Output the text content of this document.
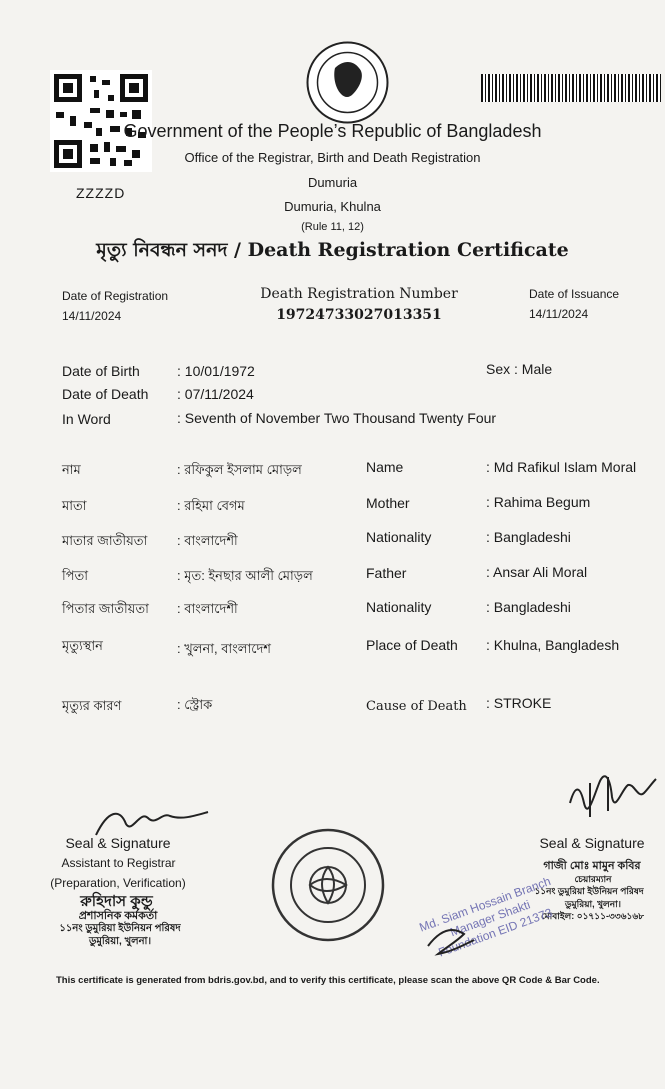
ZZZZD
Government of the People’s Republic of Bangladesh
Office of the Registrar, Birth and Death Registration
Dumuria
Dumuria, Khulna
(Rule 11, 12)
মৃত্যু নিবন্ধন সনদ / Death Registration Certificate
Date of Registration
14/11/2024
Death Registration Number
19724733027013351
Date of Issuance
14/11/2024
Date of Birth	: 10/01/1972	Sex : Male
Date of Death : 07/11/2024
In Word	: Seventh of November Two Thousand Twenty Four
নাম	: রফিকুল ইসলাম মোড়ল	Name	: Md Rafikul Islam Moral
মাতা	: রহিমা বেগম	Mother	: Rahima Begum
মাতার জাতীয়তা : বাংলাদেশী	Nationality	: Bangladeshi
পিতা	: মৃত: ইনছার আলী মোড়ল	Father	: Ansar Ali Moral
পিতার জাতীয়তা : বাংলাদেশী	Nationality	: Bangladeshi
মৃত্যুস্থান	: খুলনা, বাংলাদেশ	Place of Death : Khulna, Bangladesh
মৃত্যুর কারণ	: স্ট্রোক	Cause of Death : STROKE
Seal & Signature
Assistant to Registrar
(Preparation, Verification)
রুহিদাস কুন্ডু
প্রশাসনিক কর্মকর্তা
১১নং ডুমুরিয়া ইউনিয়ন পরিষদ
ডুমুরিয়া, খুলনা।
Seal & Signature
গাজী মোঃ মামুন কবির
চেয়ারম্যান
১১নং ডুমুরিয়া ইউনিয়ন পরিষদ
ডুমুরিয়া, খুলনা।
মোবাইল: ০১৭১১-৩৩৬১৬৮
Md. Siam Hossain Branch Manager Shakti Foundation EID 21373
This certificate is generated from bdris.gov.bd, and to verify this certificate, please scan the above QR Code & Bar Code.
